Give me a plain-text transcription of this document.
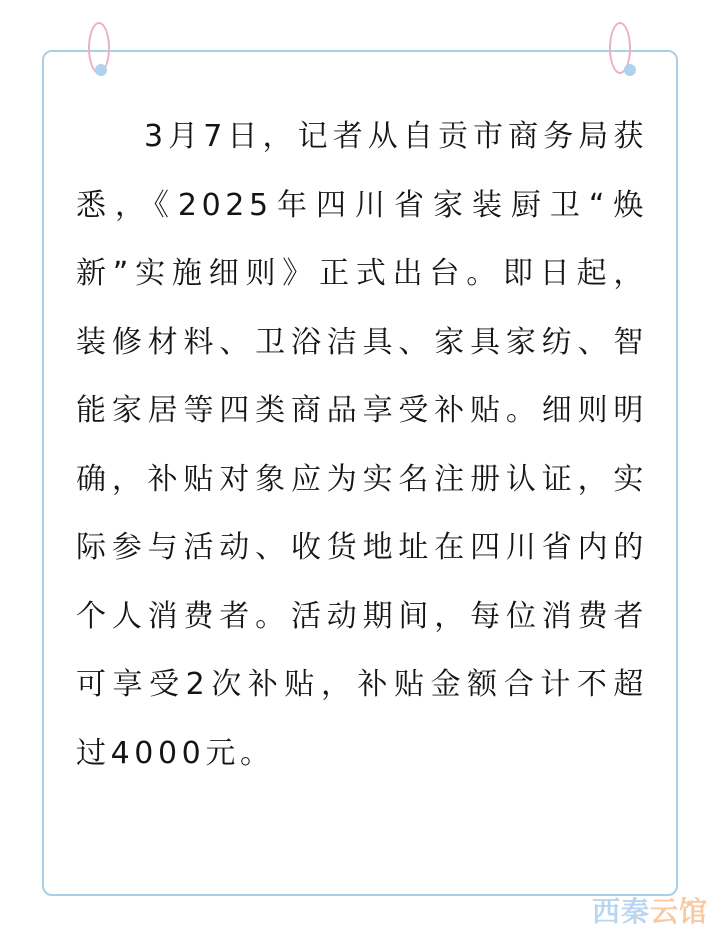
3月7日，记者从自贡市商务局获悉，《2025年四川省家装厨卫“焕新”实施细则》正式出台。即日起，装修材料、卫浴洁具、家具家纺、智能家居等四类商品享受补贴。细则明确，补贴对象应为实名注册认证，实际参与活动、收货地址在四川省内的个人消费者。活动期间，每位消费者可享受2次补贴，补贴金额合计不超过4000元。

西秦云馆
